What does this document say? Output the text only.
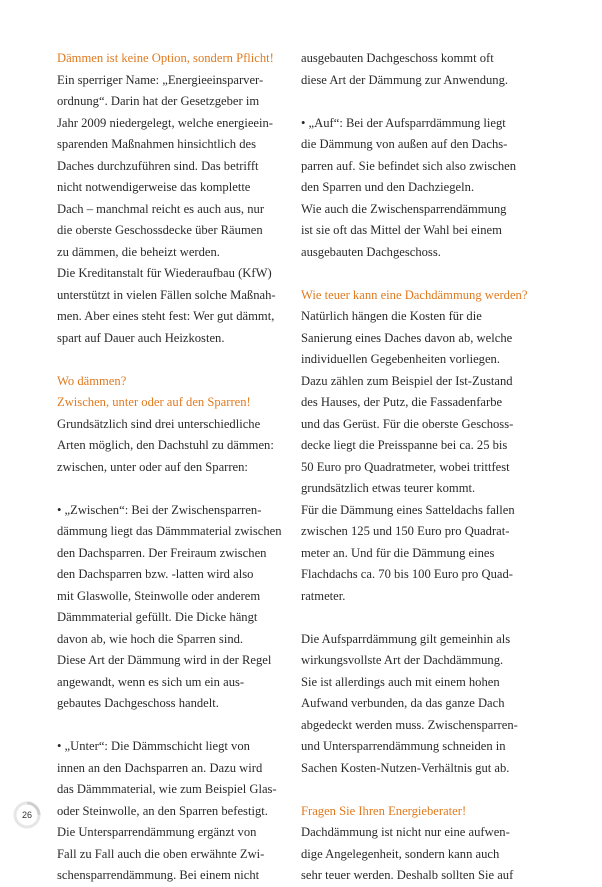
Dämmen ist keine Option, sondern Pflicht!

Ein sperriger Name: „Energieeinsparver-
ordnung“. Darin hat der Gesetzgeber im
Jahr 2009 niedergelegt, welche energieein-
sparenden Maßnahmen hinsichtlich des
Daches durchzuführen sind. Das betrifft
nicht notwendigerweise das komplette
Dach – manchmal reicht es auch aus, nur
die oberste Geschossdecke über Räumen
zu dämmen, die beheizt werden.
Die Kreditanstalt für Wiederaufbau (KfW)
unterstützt in vielen Fällen solche Maßnah-
men. Aber eines steht fest: Wer gut dämmt,
spart auf Dauer auch Heizkosten.

Wo dämmen?

Zwischen, unter oder auf den Sparren!

Grundsätzlich sind drei unterschiedliche
Arten möglich, den Dachstuhl zu dämmen:
zwischen, unter oder auf den Sparren:
• „Zwischen“: Bei der Zwischensparren-
dämmung liegt das Dämmmaterial zwischen
den Dachsparren. Der Freiraum zwischen
den Dachsparren bzw. -latten wird also
mit Glaswolle, Steinwolle oder anderem
Dämmmaterial gefüllt. Die Dicke hängt
davon ab, wie hoch die Sparren sind.
Diese Art der Dämmung wird in der Regel
angewandt, wenn es sich um ein aus-
gebautes Dachgeschoss handelt.
• „Unter“: Die Dämmschicht liegt von
innen an den Dachsparren an. Dazu wird
das Dämmmaterial, wie zum Beispiel Glas-
oder Steinwolle, an den Sparren befestigt.
Die Untersparrendämmung ergänzt von
Fall zu Fall auch die oben erwähnte Zwi-
schensparrendämmung. Bei einem nicht
ausgebauten Dachgeschoss kommt oft
diese Art der Dämmung zur Anwendung.
• „Auf“: Bei der Aufsparrdämmung liegt
die Dämmung von außen auf den Dachs-
parren auf. Sie befindet sich also zwischen
den Sparren und den Dachziegeln.
Wie auch die Zwischensparrendämmung
ist sie oft das Mittel der Wahl bei einem
ausgebauten Dachgeschoss.

Wie teuer kann eine Dachdämmung werden?

Natürlich hängen die Kosten für die
Sanierung eines Daches davon ab, welche
individuellen Gegebenheiten vorliegen.
Dazu zählen zum Beispiel der Ist-Zustand
des Hauses, der Putz, die Fassadenfarbe
und das Gerüst. Für die oberste Geschoss-
decke liegt die Preisspanne bei ca. 25 bis
50 Euro pro Quadratmeter, wobei trittfest
grundsätzlich etwas teurer kommt.
Für die Dämmung eines Satteldachs fallen
zwischen 125 und 150 Euro pro Quadrat-
meter an. Und für die Dämmung eines
Flachdachs ca. 70 bis 100 Euro pro Quad-
ratmeter.
Die Aufsparrdämmung gilt gemeinhin als
wirkungsvollste Art der Dachdämmung.
Sie ist allerdings auch mit einem hohen
Aufwand verbunden, da das ganze Dach
abgedeckt werden muss. Zwischensparren-
und Untersparrendämmung schneiden in
Sachen Kosten-Nutzen-Verhältnis gut ab.

Fragen Sie Ihren Energieberater!

Dachdämmung ist nicht nur eine aufwen-
dige Angelegenheit, sondern kann auch
sehr teuer werden. Deshalb sollten Sie auf
26
